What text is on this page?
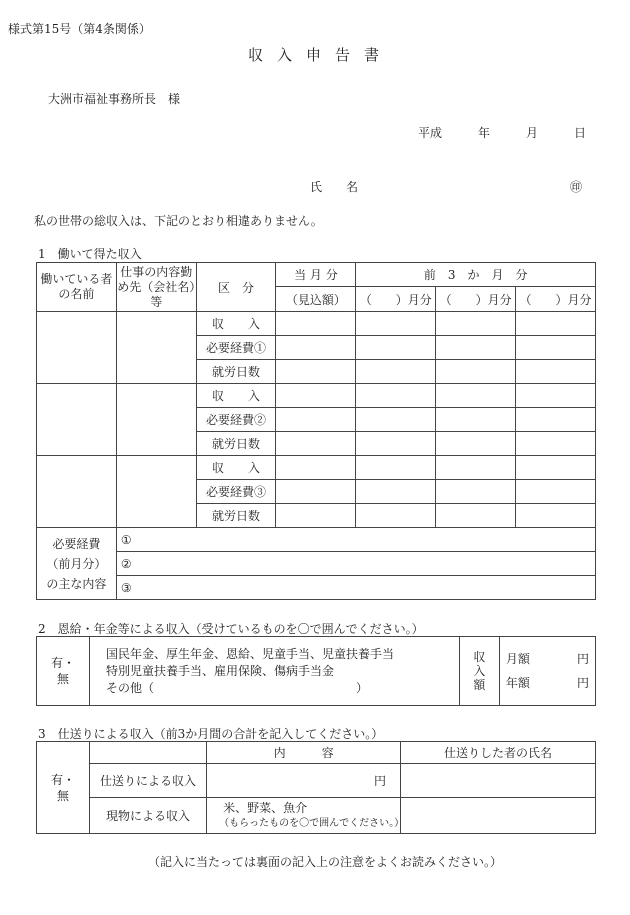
様式第15号（第4条関係）
収入申告書
大洲市福祉事務所長　様
平成	年	月	日
氏　　名	㊞
私の世帯の総収入は、下記のとおり相違ありません。
1　働いて得た収入
働いている者の名前	仕事の内容勤め先（会社名）等	区　分	当 月 分	前　3　か　月　分		
			（見込額）	（　　）月分	（　　）月分	（　　）月分
		収　　入				
		必要経費①				
		就労日数				
		収　　入				
		必要経費②				
		就労日数				
		収　　入				
		必要経費③				
		就労日数				
必要経費（前月分）の主な内容	①					
	②					
	③					
2　恩給・年金等による収入（受けているものを〇で囲んでください。）
有・無	
国民年金、厚生年金、恩給、児童手当、児童扶養手当
特別児童扶養手当、雇用保険、傷病手当金
その他（	）
	収入額	
月額	円
年額	円
3　仕送りによる収入（前3か月間の合計を記入してください。）
有・無		内　　　容	仕送りした者の氏名
	仕送りによる収入	円	
	現物による収入	米、野菜、魚介
（もらったものを〇で囲んでください。）	

（記入に当たっては裏面の記入上の注意をよくお読みください。）
